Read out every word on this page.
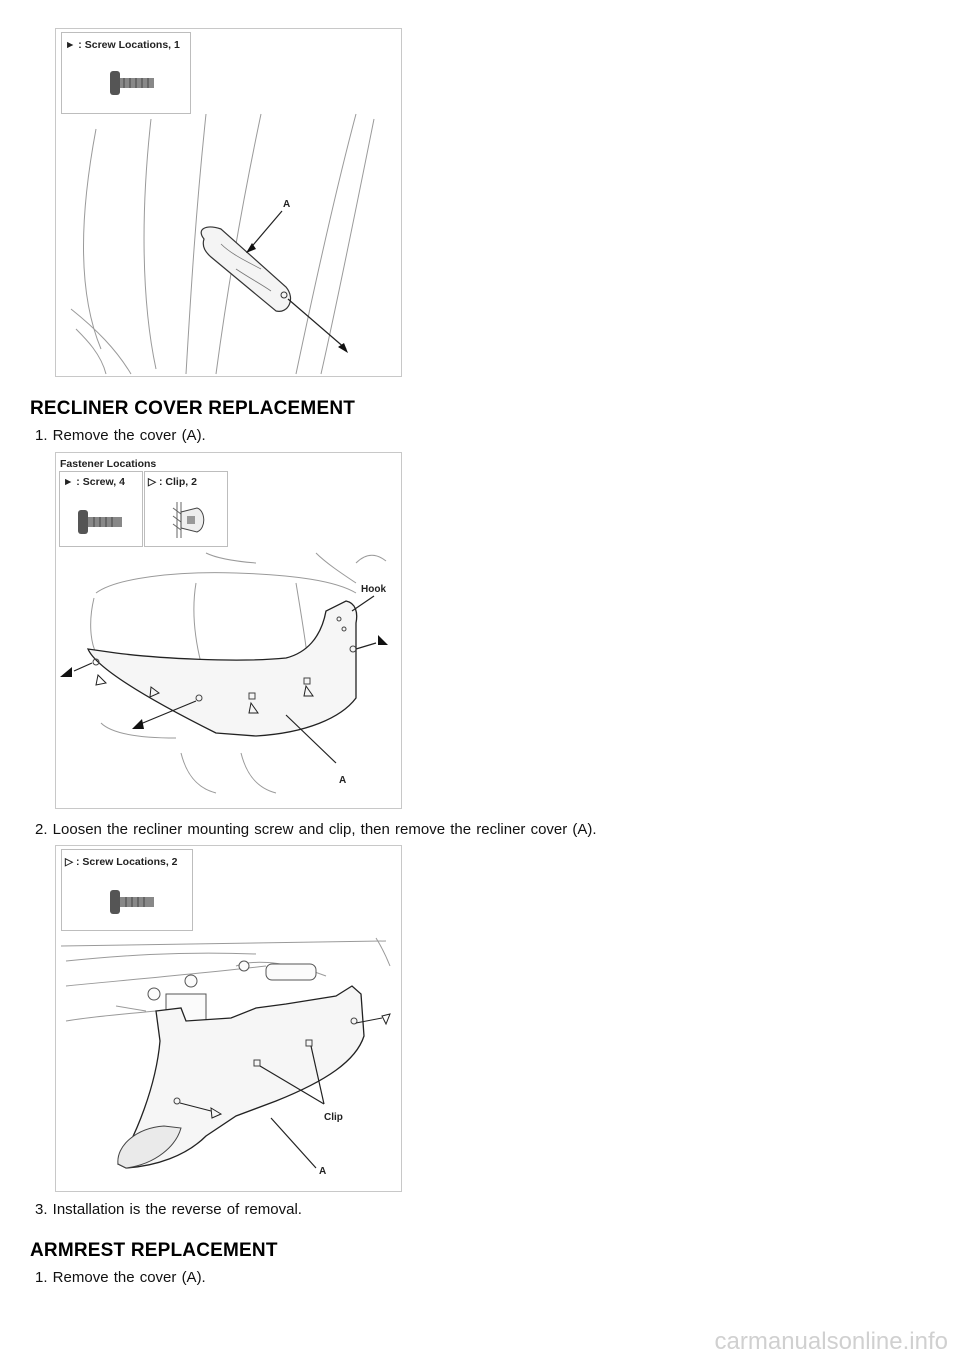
► : Screw Locations, 1
A
RECLINER COVER REPLACEMENT

1. Remove the cover (A).

Fastener Locations
► : Screw, 4 ▷ : Clip, 2
Hook
A

2. Loosen the recliner mounting screw and clip, then remove the recliner cover (A).

▷ : Screw Locations, 2
Clip
A

3. Installation is the reverse of removal.

ARMREST REPLACEMENT

1. Remove the cover (A).

carmanualsonline.info
